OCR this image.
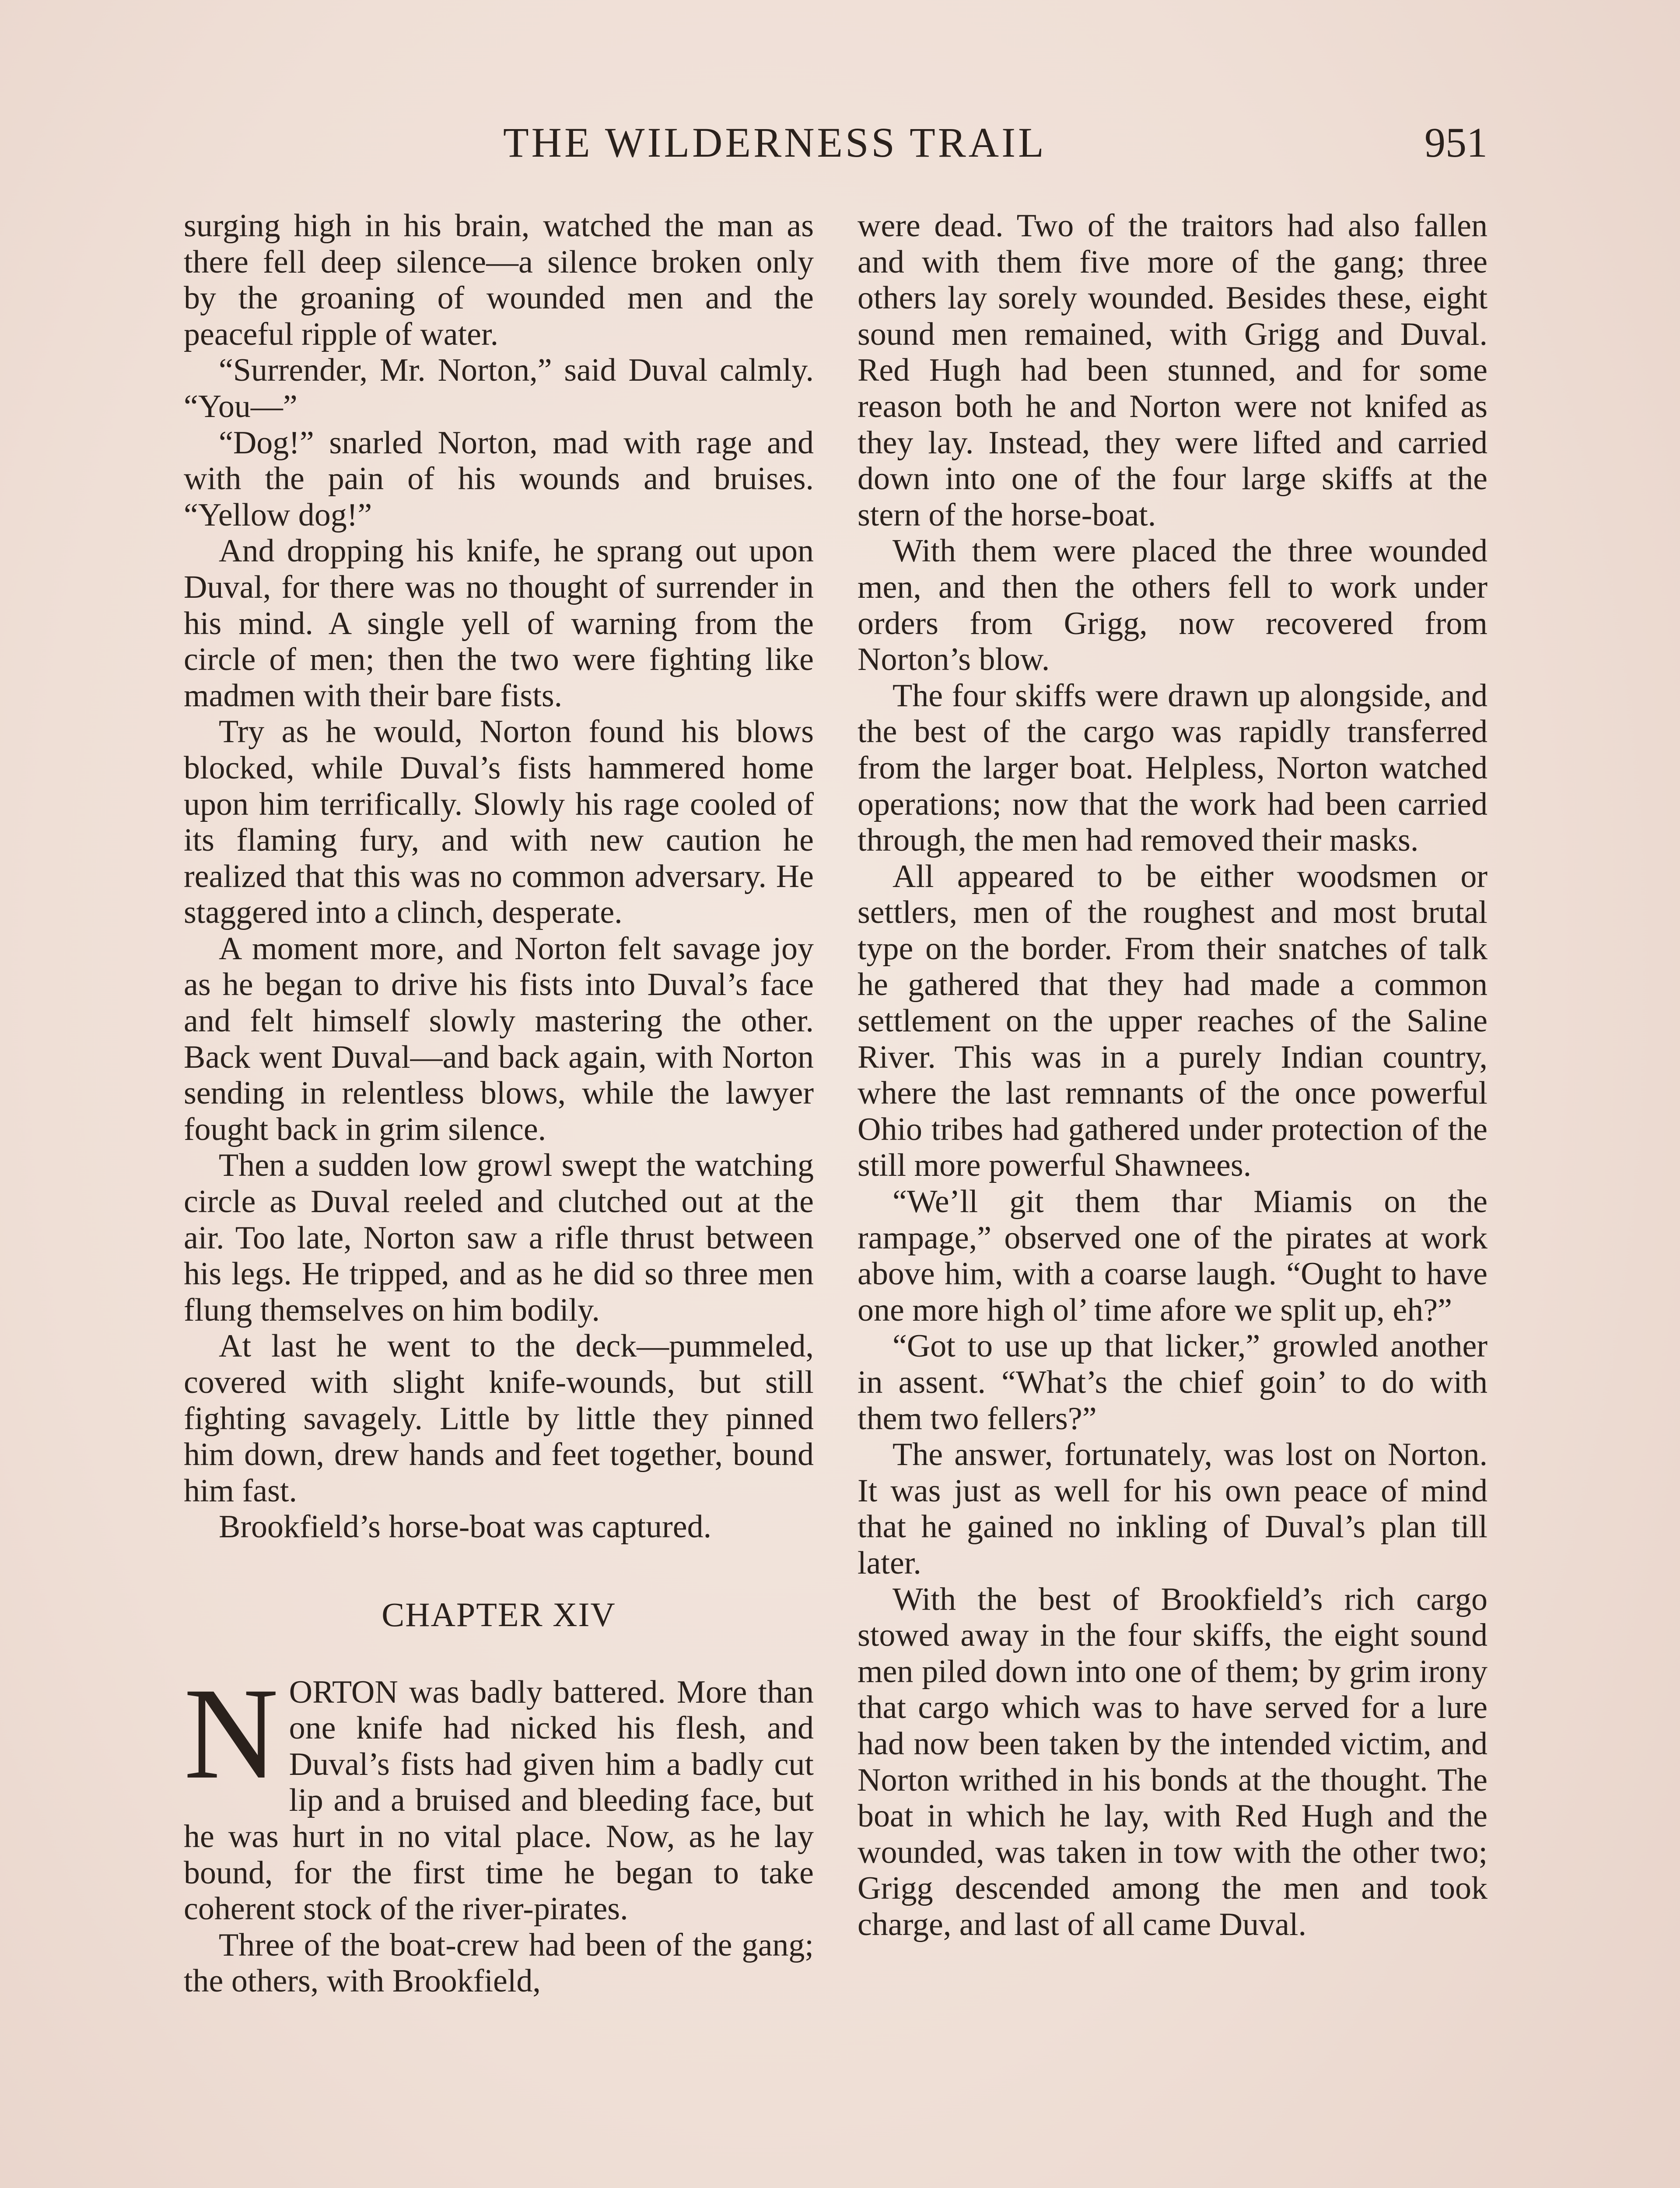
THE WILDERNESS TRAIL	951

surging high in his brain, watched the man as there fell deep silence—a silence broken only by the groaning of wounded men and the peaceful ripple of water.

“Surrender, Mr. Norton,” said Duval calmly. “You—”

“Dog!” snarled Norton, mad with rage and with the pain of his wounds and bruises. “Yellow dog!”

And dropping his knife, he sprang out upon Duval, for there was no thought of surrender in his mind. A single yell of warning from the circle of men; then the two were fighting like madmen with their bare fists.

Try as he would, Norton found his blows blocked, while Duval’s fists hammered home upon him terrifically. Slowly his rage cooled of its flaming fury, and with new caution he realized that this was no common adversary. He staggered into a clinch, desperate.

A moment more, and Norton felt savage joy as he began to drive his fists into Duval’s face and felt himself slowly mastering the other. Back went Duval—and back again, with Norton sending in relentless blows, while the lawyer fought back in grim silence.

Then a sudden low growl swept the watching circle as Duval reeled and clutched out at the air. Too late, Norton saw a rifle thrust between his legs. He tripped, and as he did so three men flung themselves on him bodily.

At last he went to the deck—pummeled, covered with slight knife-wounds, but still fighting savagely. Little by little they pinned him down, drew hands and feet together, bound him fast.

Brookfield’s horse-boat was captured.

CHAPTER XIV

NORTON was badly battered. More than one knife had nicked his flesh, and Duval’s fists had given him a badly cut lip and a bruised and bleeding face, but he was hurt in no vital place. Now, as he lay bound, for the first time he began to take coherent stock of the river-pirates.

Three of the boat-crew had been of the gang; the others, with Brookfield,

were dead. Two of the traitors had also fallen and with them five more of the gang; three others lay sorely wounded. Besides these, eight sound men remained, with Grigg and Duval. Red Hugh had been stunned, and for some reason both he and Norton were not knifed as they lay. Instead, they were lifted and carried down into one of the four large skiffs at the stern of the horse-boat.

With them were placed the three wounded men, and then the others fell to work under orders from Grigg, now recovered from Norton’s blow.

The four skiffs were drawn up alongside, and the best of the cargo was rapidly transferred from the larger boat. Helpless, Norton watched operations; now that the work had been carried through, the men had removed their masks.

All appeared to be either woodsmen or settlers, men of the roughest and most brutal type on the border. From their snatches of talk he gathered that they had made a common settlement on the upper reaches of the Saline River. This was in a purely Indian country, where the last remnants of the once powerful Ohio tribes had gathered under protection of the still more powerful Shawnees.

“We’ll git them thar Miamis on the rampage,” observed one of the pirates at work above him, with a coarse laugh. “Ought to have one more high ol’ time afore we split up, eh?”

“Got to use up that licker,” growled another in assent. “What’s the chief goin’ to do with them two fellers?”

The answer, fortunately, was lost on Norton. It was just as well for his own peace of mind that he gained no inkling of Duval’s plan till later.

With the best of Brookfield’s rich cargo stowed away in the four skiffs, the eight sound men piled down into one of them; by grim irony that cargo which was to have served for a lure had now been taken by the intended victim, and Norton writhed in his bonds at the thought. The boat in which he lay, with Red Hugh and the wounded, was taken in tow with the other two; Grigg descended among the men and took charge, and last of all came Duval.
